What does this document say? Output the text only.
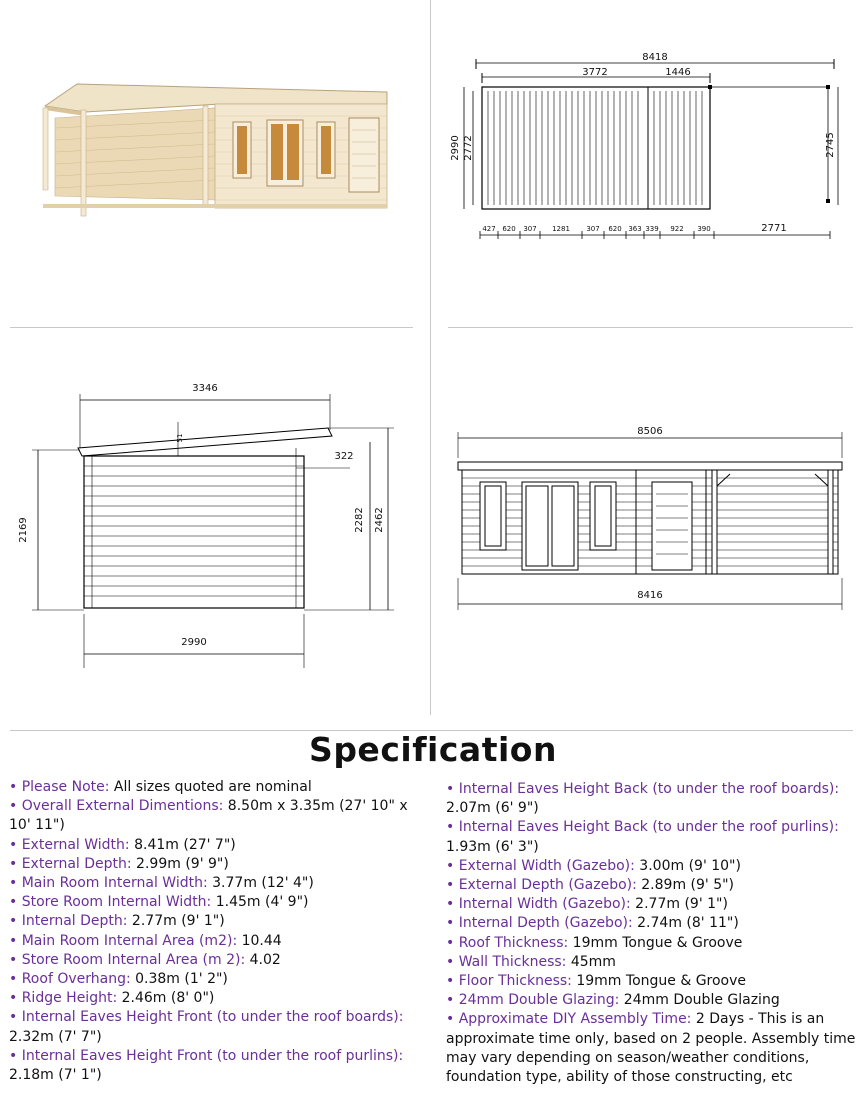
8418
3772	1446
2990 2772	2745
427 620 307 1281 307 620 363 339 922 390	2771
3346
51
322
2169	2282 2462
2990
8506
8416
Specification
• Please Note: All sizes quoted are nominal
• Overall External Dimentions: 8.50m x 3.35m (27' 10" x 10' 11")
• External Width: 8.41m (27' 7")
• External Depth: 2.99m (9' 9")
• Main Room Internal Width: 3.77m (12' 4")
• Store Room Internal Width: 1.45m (4' 9")
• Internal Depth: 2.77m (9' 1")
• Main Room Internal Area (m2): 10.44
• Store Room Internal Area (m 2): 4.02
• Roof Overhang: 0.38m (1' 2")
• Ridge Height: 2.46m (8' 0")
• Internal Eaves Height Front (to under the roof boards): 2.32m (7' 7")
• Internal Eaves Height Front (to under the roof purlins): 2.18m (7' 1")
• Internal Eaves Height Back (to under the roof boards): 2.07m (6' 9")
• Internal Eaves Height Back (to under the roof purlins): 1.93m (6' 3")
• External Width (Gazebo): 3.00m (9' 10")
• External Depth (Gazebo): 2.89m (9' 5")
• Internal Width (Gazebo): 2.77m (9' 1")
• Internal Depth (Gazebo): 2.74m (8' 11")
• Roof Thickness: 19mm Tongue & Groove
• Wall Thickness: 45mm
• Floor Thickness: 19mm Tongue & Groove
• 24mm Double Glazing: 24mm Double Glazing
• Approximate DIY Assembly Time: 2 Days - This is an approximate time only, based on 2 people. Assembly time may vary depending on season/weather conditions, foundation type, ability of those constructing, etc
